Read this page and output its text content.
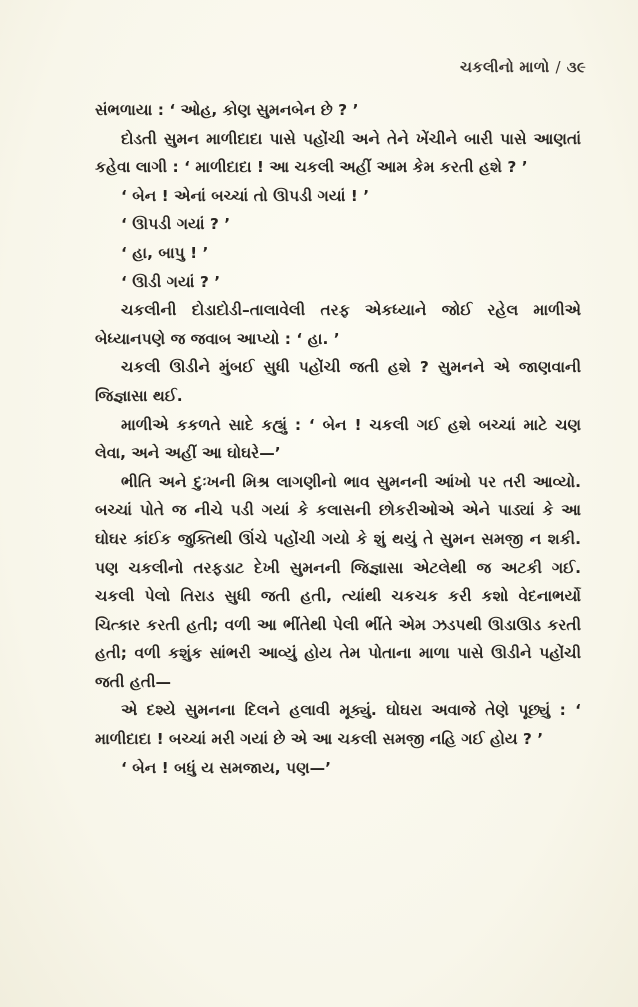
ચકલીનો માળો / ૩૯

સંભળાયા : ‘ ઓહ, કોણ સુમનબેન છે ? ’

દોડતી સુમન માળીદાદા પાસે પહોંચી અને તેને ખેંચીને બારી પાસે આણતાં કહેવા લાગી : ‘ માળીદાદા ! આ ચકલી અહીં આમ કેમ કરતી હશે ? ’

‘ બેન ! એનાં બચ્ચાં તો ઊપડી ગયાં ! ’

‘ ઊપડી ગયાં ? ’

‘ હા, બાપુ ! ’

‘ ઊડી ગયાં ? ’

ચકલીની દોડાદોડી–તાલાવેલી તરફ એકધ્યાને જોઈ રહેલ માળીએ બેધ્યાનપણે જ જવાબ આપ્યો : ‘ હા. ’

ચકલી ઊડીને મુંબઈ સુધી પહોંચી જતી હશે ? સુમનને એ જાણવાની જિજ્ઞાસા થઈ.

માળીએ કકળતે સાદે કહ્યું : ‘ બેન ! ચકલી ગઈ હશે બચ્ચાં માટે ચણ લેવા, અને અહીં આ ઘોઘરે—’

ભીતિ અને દુઃખની મિશ્ર લાગણીનો ભાવ સુમનની આંખો પર તરી આવ્યો. બચ્ચાં પોતે જ નીચે પડી ગયાં કે કલાસની છોકરીઓએ એને પાડ્યાં કે આ ઘોઘર કાંઈક જુક્તિથી ઊંચે પહોંચી ગયો કે શું થયું તે સુમન સમજી ન શકી. પણ ચકલીનો તરફડાટ દેખી સુમનની જિજ્ઞાસા એટલેથી જ અટકી ગઈ. ચકલી પેલો તિરાડ સુધી જતી હતી, ત્યાંથી ચકચક કરી કશો વેદનાભર્યો ચિત્કાર કરતી હતી; વળી આ ભીંતેથી પેલી ભીંતે એમ ઝડપથી ઊડાઊડ કરતી હતી; વળી કશુંક સાંભરી આવ્યું હોય તેમ પોતાના માળા પાસે ઊડીને પહોંચી જતી હતી—

એ દશ્યે સુમનના દિલને હલાવી મૂક્યું. ઘોઘરા અવાજે તેણે પૂછ્યું : ‘ માળીદાદા ! બચ્ચાં મરી ગયાં છે એ આ ચકલી સમજી નહિ ગઈ હોય ? ’

‘ બેન ! બધું ય સમજાય, પણ—’
